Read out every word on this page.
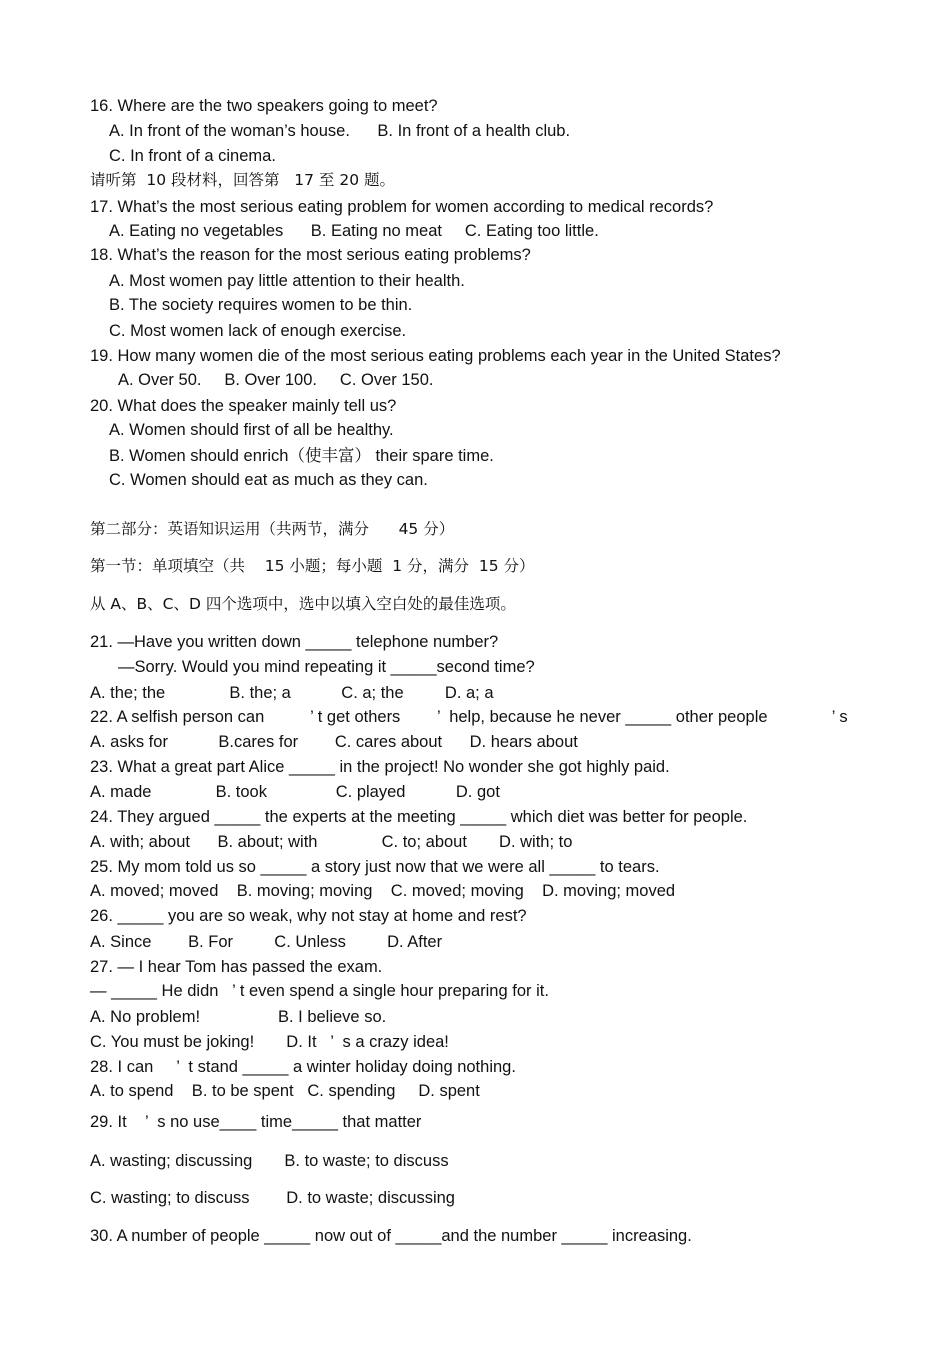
16. Where are the two speakers going to meet?
A. In front of the woman’s house.      B. In front of a health club.
C. In front of a cinema.
请听第  10 段材料，回答第   17 至 20 题。
17. What’s the most serious eating problem for women according to medical records?
A. Eating no vegetables      B. Eating no meat     C. Eating too little.
18. What’s the reason for the most serious eating problems?
A. Most women pay little attention to their health.
B. The society requires women to be thin.
C. Most women lack of enough exercise.
19. How many women die of the most serious eating problems each year in the United States?
A. Over 50.     B. Over 100.     C. Over 150.
20. What does the speaker mainly tell us?
A. Women should first of all be healthy.
B. Women should enrich（使丰富） their spare time.
C. Women should eat as much as they can.
第二部分：英语知识运用（共两节，满分      45 分）
第一节：单项填空（共    15 小题；每小题  1 分，满分  15 分）
从 A、B、C、D 四个选项中，选中以填入空白处的最佳选项。
21. —Have you written down _____ telephone number?
—Sorry. Would you mind repeating it _____second time?
A. the; the              B. the; a           C. a; the         D. a; a
22. A selfish person can          ’ t get others        ’  help, because he never _____ other people              ’ s
A. asks for           B.cares for        C. cares about      D. hears about
23. What a great part Alice _____ in the project! No wonder she got highly paid.
A. made              B. took               C. played           D. got
24. They argued _____ the experts at the meeting _____ which diet was better for people.
A. with; about      B. about; with              C. to; about       D. with; to
25. My mom told us so _____ a story just now that we were all _____ to tears.
A. moved; moved    B. moving; moving    C. moved; moving    D. moving; moved
26. _____ you are so weak, why not stay at home and rest?
A. Since        B. For         C. Unless         D. After
27. — I hear Tom has passed the exam.
— _____ He didn   ’ t even spend a single hour preparing for it.
A. No problem!                 B. I believe so.
C. You must be joking!       D. It   ’  s a crazy idea!
28. I can     ’  t stand _____ a winter holiday doing nothing.
A. to spend    B. to be spent   C. spending     D. spent
29. It    ’  s no use____ time_____ that matter
A. wasting; discussing       B. to waste; to discuss
C. wasting; to discuss        D. to waste; discussing
30. A number of people _____ now out of _____and the number _____ increasing.
